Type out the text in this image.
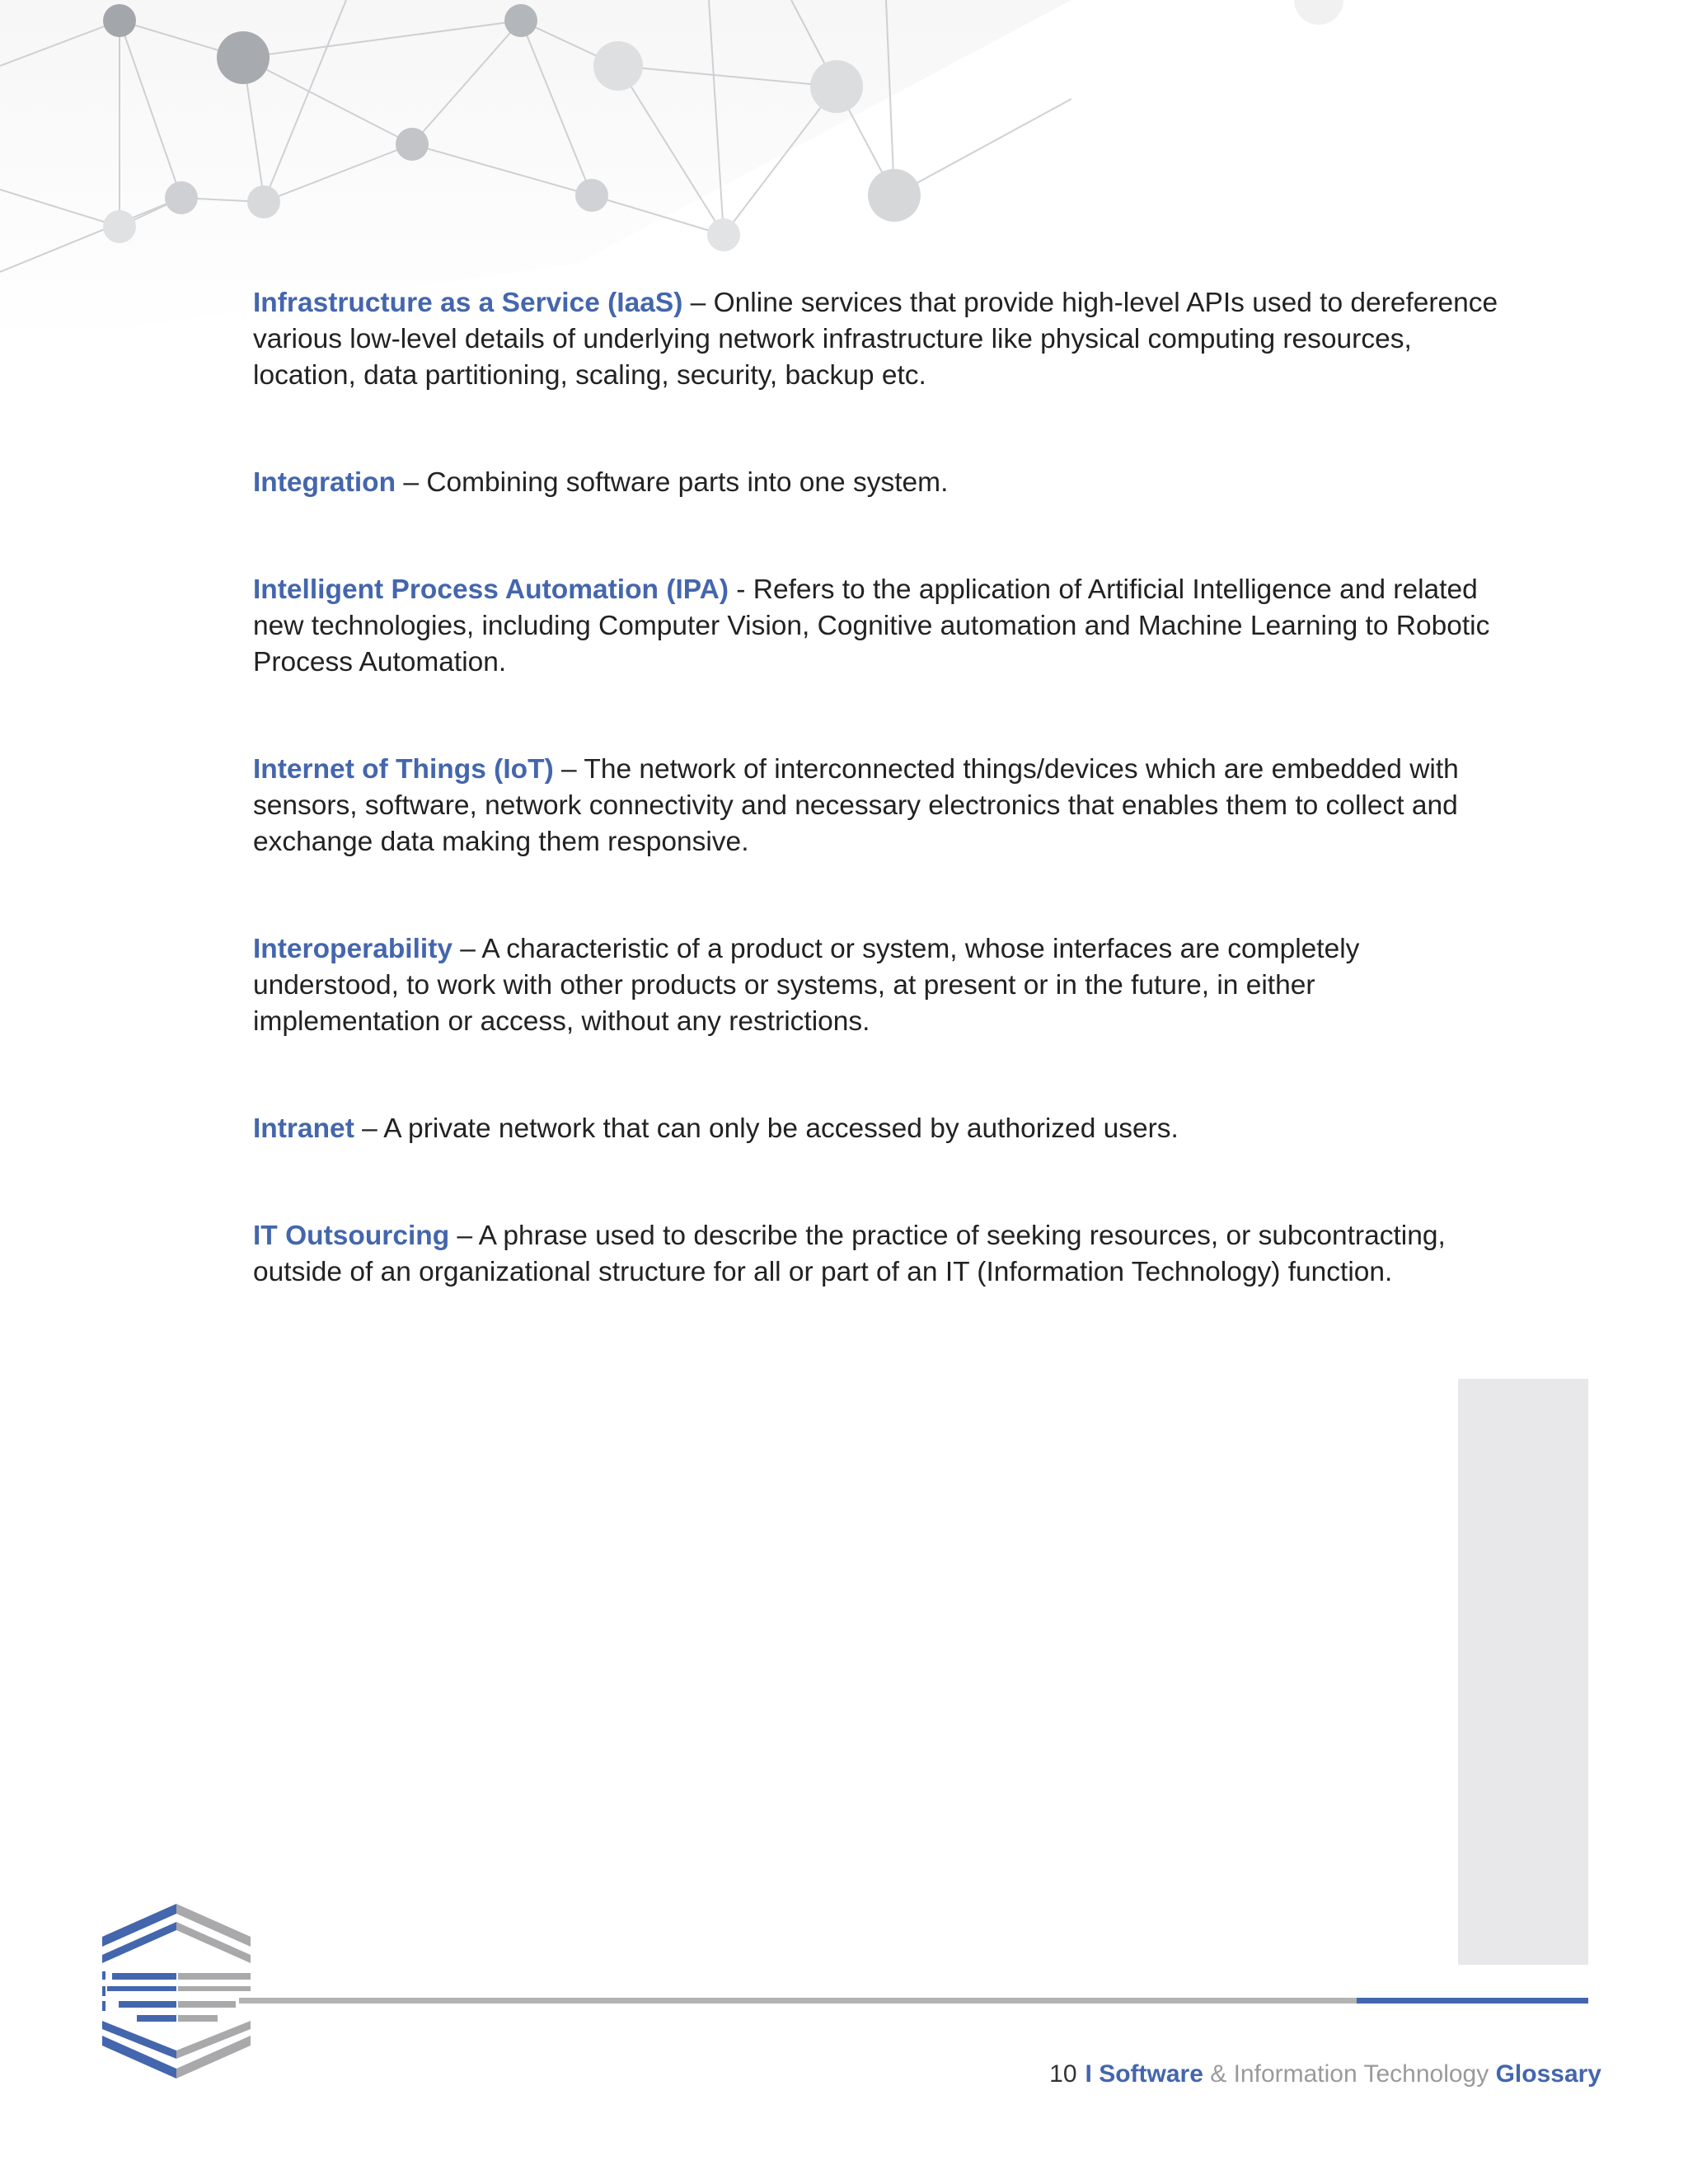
Infrastructure as a Service (IaaS) – Online services that provide high-level APIs used to dereference various low-level details of underlying network infrastructure like physical computing resources, location, data partitioning, scaling, security, backup etc.

Integration – Combining software parts into one system.

Intelligent Process Automation (IPA) - Refers to the application of Artificial Intelligence and related new technologies, including Computer Vision, Cognitive automation and Machine Learning to Robotic Process Automation.

Internet of Things (IoT) – The network of interconnected things/devices which are embedded with sensors, software, network connectivity and necessary electronics that enables them to collect and exchange data making them responsive.

Interoperability – A characteristic of a product or system, whose interfaces are completely understood, to work with other products or systems, at present or in the future, in either implementation or access, without any restrictions.

Intranet – A private network that can only be accessed by authorized users.

IT Outsourcing – A phrase used to describe the practice of seeking resources, or subcontracting, outside of an organizational structure for all or part of an IT (Information Technology) function.

10 I Software & Information Technology Glossary
